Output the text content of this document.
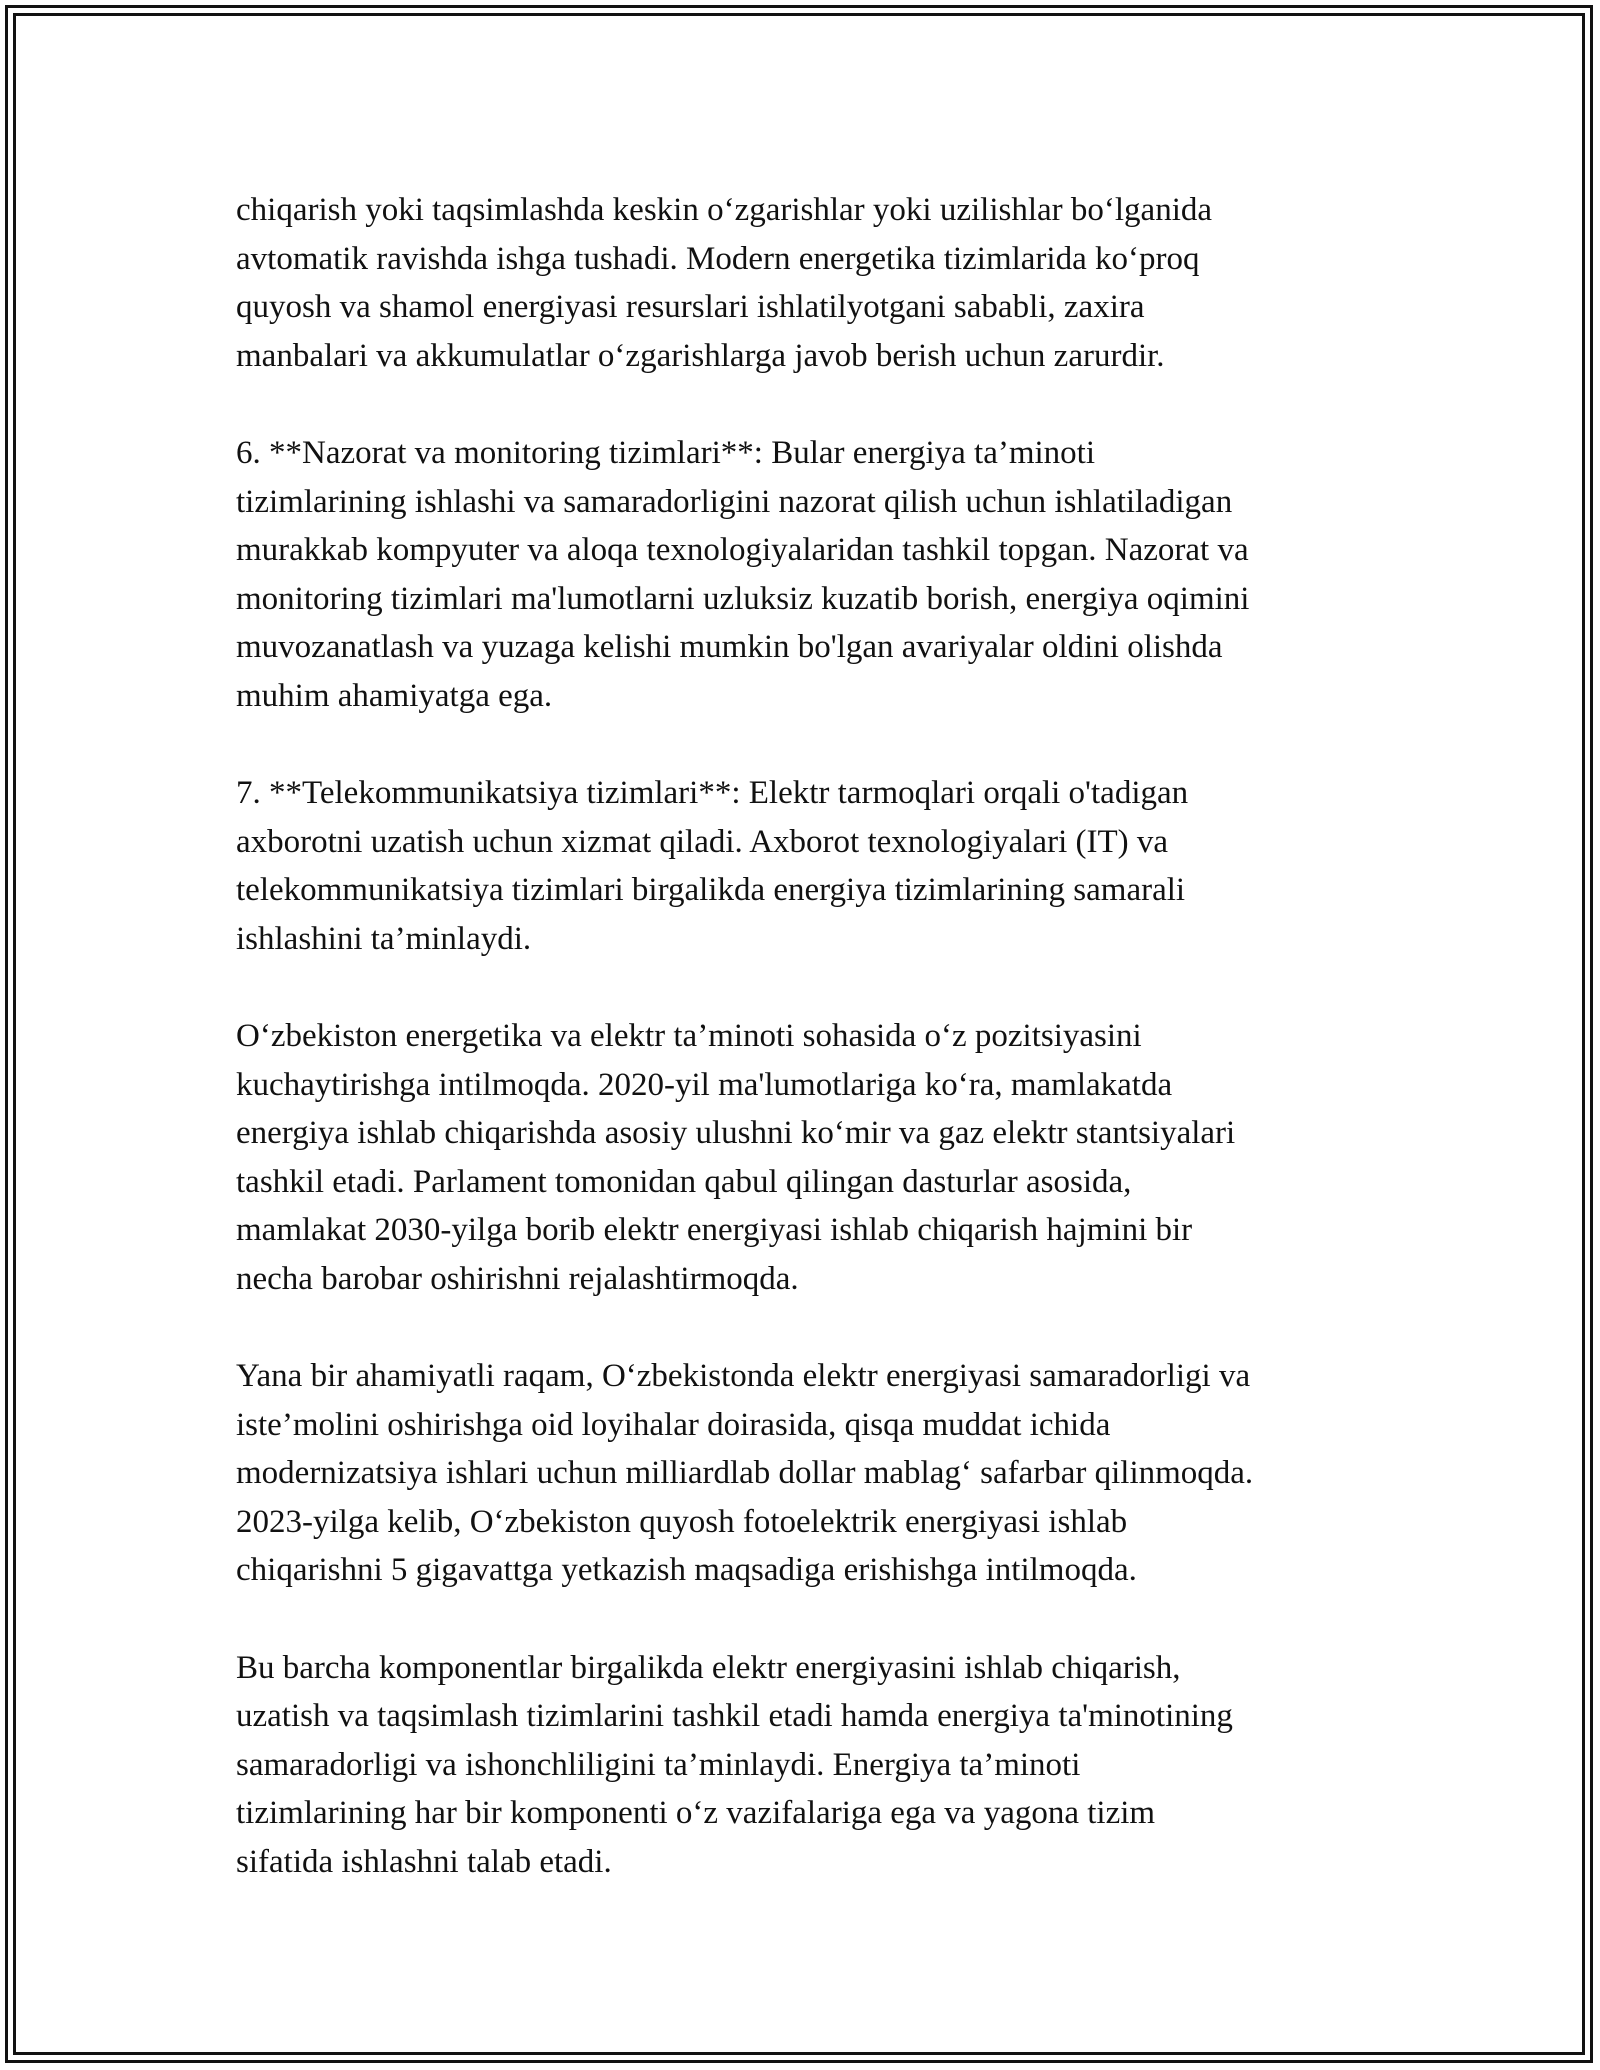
chiqarish yoki taqsimlashda keskin o‘zgarishlar yoki uzilishlar bo‘lganida
avtomatik ravishda ishga tushadi. Modern energetika tizimlarida ko‘proq
quyosh va shamol energiyasi resurslari ishlatilyotgani sababli, zaxira
manbalari va akkumulatlar o‘zgarishlarga javob berish uchun zarurdir.

6. **Nazorat va monitoring tizimlari**: Bular energiya ta’minoti
tizimlarining ishlashi va samaradorligini nazorat qilish uchun ishlatiladigan
murakkab kompyuter va aloqa texnologiyalaridan tashkil topgan. Nazorat va
monitoring tizimlari ma'lumotlarni uzluksiz kuzatib borish, energiya oqimini
muvozanatlash va yuzaga kelishi mumkin bo'lgan avariyalar oldini olishda
muhim ahamiyatga ega.

7. **Telekommunikatsiya tizimlari**: Elektr tarmoqlari orqali o'tadigan
axborotni uzatish uchun xizmat qiladi. Axborot texnologiyalari (IT) va
telekommunikatsiya tizimlari birgalikda energiya tizimlarining samarali
ishlashini ta’minlaydi.

O‘zbekiston energetika va elektr ta’minoti sohasida o‘z pozitsiyasini
kuchaytirishga intilmoqda. 2020-yil ma'lumotlariga ko‘ra, mamlakatda
energiya ishlab chiqarishda asosiy ulushni ko‘mir va gaz elektr stantsiyalari
tashkil etadi. Parlament tomonidan qabul qilingan dasturlar asosida,
mamlakat 2030-yilga borib elektr energiyasi ishlab chiqarish hajmini bir
necha barobar oshirishni rejalashtirmoqda.

Yana bir ahamiyatli raqam, O‘zbekistonda elektr energiyasi samaradorligi va
iste’molini oshirishga oid loyihalar doirasida, qisqa muddat ichida
modernizatsiya ishlari uchun milliardlab dollar mablag‘ safarbar qilinmoqda.
2023-yilga kelib, O‘zbekiston quyosh fotoelektrik energiyasi ishlab
chiqarishni 5 gigavattga yetkazish maqsadiga erishishga intilmoqda.

Bu barcha komponentlar birgalikda elektr energiyasini ishlab chiqarish,
uzatish va taqsimlash tizimlarini tashkil etadi hamda energiya ta'minotining
samaradorligi va ishonchliligini ta’minlaydi. Energiya ta’minoti
tizimlarining har bir komponenti o‘z vazifalariga ega va yagona tizim
sifatida ishlashni talab etadi.
